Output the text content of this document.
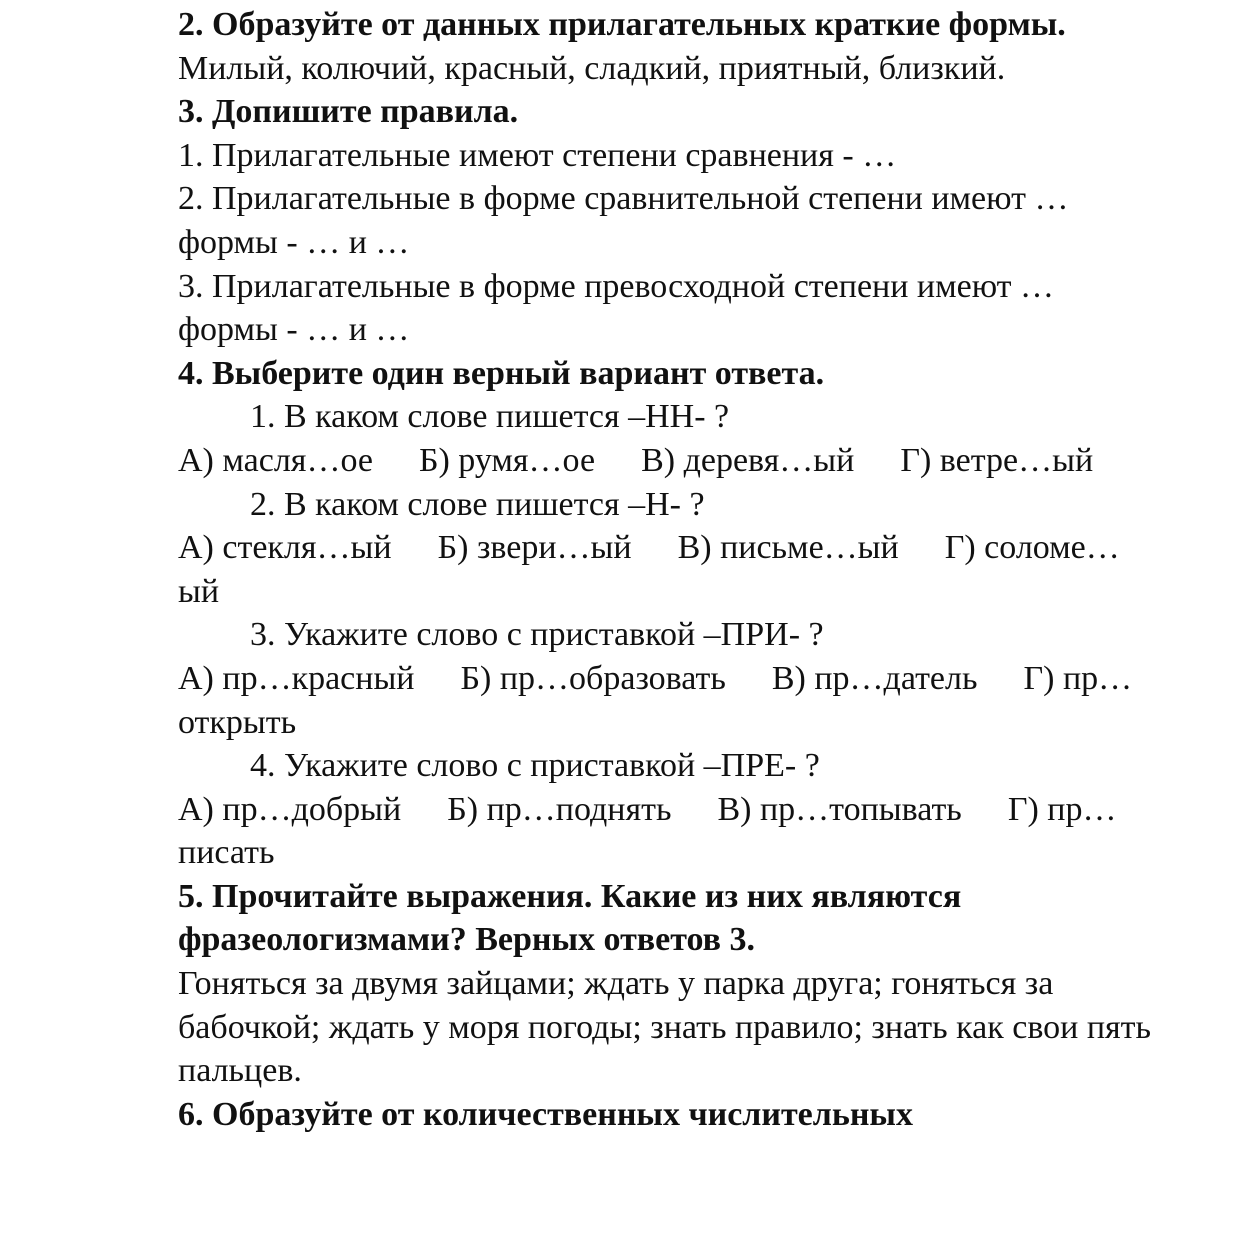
2. Образуйте от данных прилагательных краткие формы.

Милый, колючий, красный, сладкий, приятный, близкий.

3. Допишите правила.

1. Прилагательные имеют степени сравнения - …

2. Прилагательные в форме сравнительной степени имеют … формы - … и …

3. Прилагательные в форме превосходной степени имеют … формы - … и …

4. Выберите один верный вариант ответа.

1. В каком слове пишется –НН- ?

А) масля…ое Б) румя…ое В) деревя…ый Г) ветре…ый

2. В каком слове пишется –Н- ?

А) стекля…ый Б) звери…ый В) письме…ый Г) соломе…ый

3. Укажите слово с приставкой –ПРИ- ?

А) пр…красный Б) пр…образовать В) пр…датель Г) пр…открыть

4. Укажите слово с приставкой –ПРЕ- ?

А) пр…добрый Б) пр…поднять В) пр…топывать Г) пр…писать

5. Прочитайте выражения. Какие из них являются фразеологизмами? Верных ответов 3.

Гоняться за двумя зайцами; ждать у парка друга; гоняться за бабочкой; ждать у моря погоды; знать правило; знать как свои пять пальцев.

6. Образуйте от количественных числительных
